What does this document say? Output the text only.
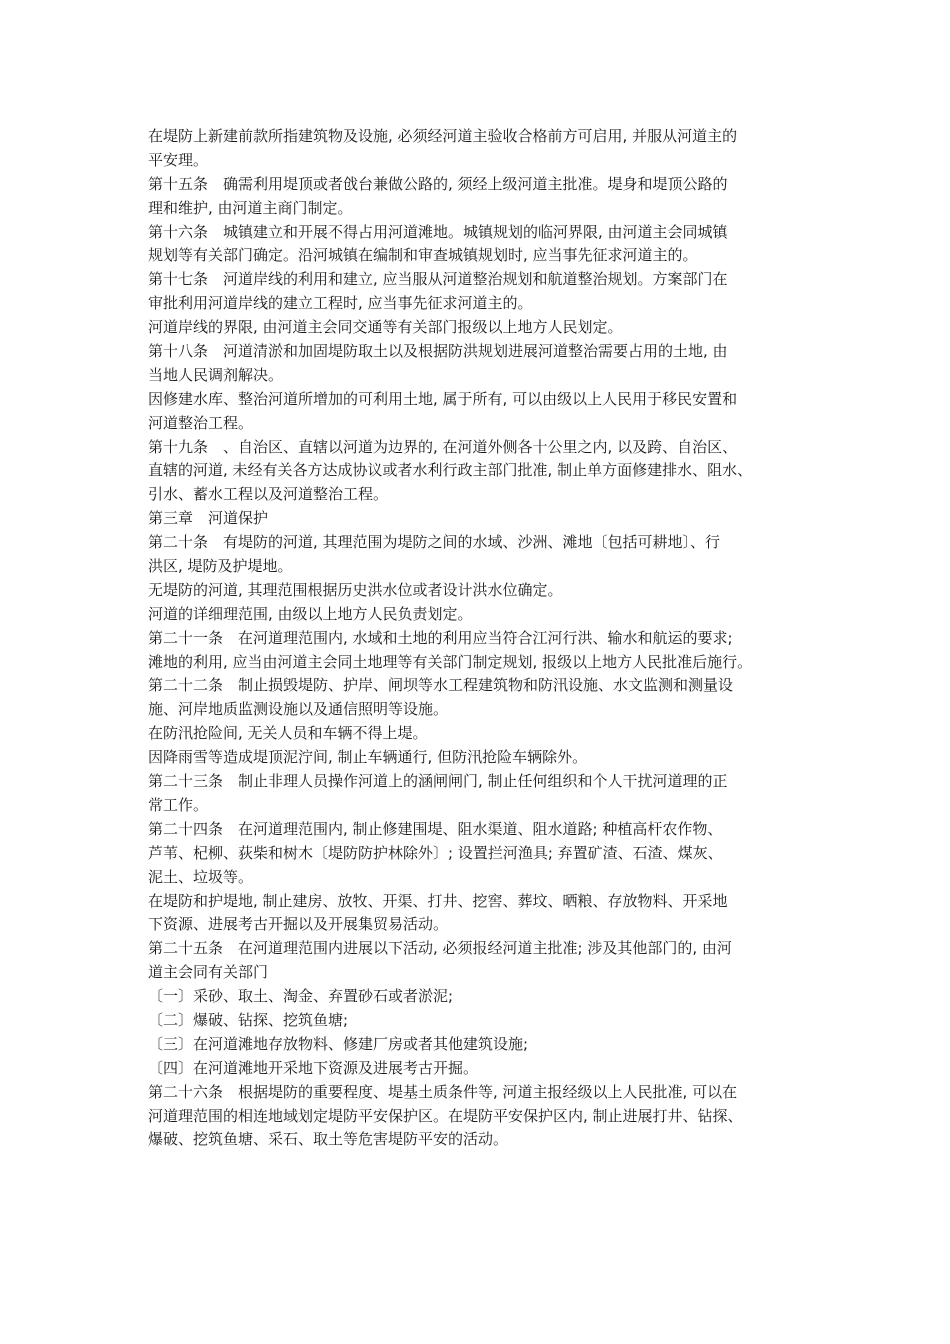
在堤防上新建前款所指建筑物及设施, 必须经河道主验收合格前方可启用, 并服从河道主的
平安理。
第十五条　确需利用堤顶或者戗台兼做公路的, 须经上级河道主批准。堤身和堤顶公路的
理和维护, 由河道主商门制定。
第十六条　城镇建立和开展不得占用河道滩地。城镇规划的临河界限, 由河道主会同城镇
规划等有关部门确定。沿河城镇在编制和审查城镇规划时, 应当事先征求河道主的。
第十七条　河道岸线的利用和建立, 应当服从河道整治规划和航道整治规划。方案部门在
审批利用河道岸线的建立工程时, 应当事先征求河道主的。
河道岸线的界限, 由河道主会同交通等有关部门报级以上地方人民划定。
第十八条　河道清淤和加固堤防取土以及根据防洪规划进展河道整治需要占用的土地, 由
当地人民调剂解决。
因修建水库、整治河道所增加的可利用土地, 属于所有, 可以由级以上人民用于移民安置和
河道整治工程。
第十九条　、自治区、直辖以河道为边界的, 在河道外侧各十公里之内, 以及跨、自治区、
直辖的河道, 未经有关各方达成协议或者水利行政主部门批准, 制止单方面修建排水、阻水、
引水、蓄水工程以及河道整治工程。
第三章　河道保护
第二十条　有堤防的河道, 其理范围为堤防之间的水域、沙洲、滩地〔包括可耕地〕、行
洪区, 堤防及护堤地。
无堤防的河道, 其理范围根据历史洪水位或者设计洪水位确定。
河道的详细理范围, 由级以上地方人民负责划定。
第二十一条　在河道理范围内, 水域和土地的利用应当符合江河行洪、输水和航运的要求;
滩地的利用, 应当由河道主会同土地理等有关部门制定规划, 报级以上地方人民批准后施行。
第二十二条　制止损毁堤防、护岸、闸坝等水工程建筑物和防汛设施、水文监测和测量设
施、河岸地质监测设施以及通信照明等设施。
在防汛抢险间, 无关人员和车辆不得上堤。
因降雨雪等造成堤顶泥泞间, 制止车辆通行, 但防汛抢险车辆除外。
第二十三条　制止非理人员操作河道上的涵闸闸门, 制止任何组织和个人干扰河道理的正
常工作。
第二十四条　在河道理范围内, 制止修建围堤、阻水渠道、阻水道路; 种植高杆农作物、
芦苇、杞柳、荻柴和树木〔堤防防护林除外〕; 设置拦河渔具; 弃置矿渣、石渣、煤灰、
泥土、垃圾等。
在堤防和护堤地, 制止建房、放牧、开渠、打井、挖窖、葬坟、晒粮、存放物料、开采地
下资源、进展考古开掘以及开展集贸易活动。
第二十五条　在河道理范围内进展以下活动, 必须报经河道主批准; 涉及其他部门的, 由河
道主会同有关部门
〔一〕采砂、取土、淘金、弃置砂石或者淤泥;
〔二〕爆破、钻探、挖筑鱼塘;
〔三〕在河道滩地存放物料、修建厂房或者其他建筑设施;
〔四〕在河道滩地开采地下资源及进展考古开掘。
第二十六条　根据堤防的重要程度、堤基土质条件等, 河道主报经级以上人民批准, 可以在
河道理范围的相连地域划定堤防平安保护区。在堤防平安保护区内, 制止进展打井、钻探、
爆破、挖筑鱼塘、采石、取土等危害堤防平安的活动。
